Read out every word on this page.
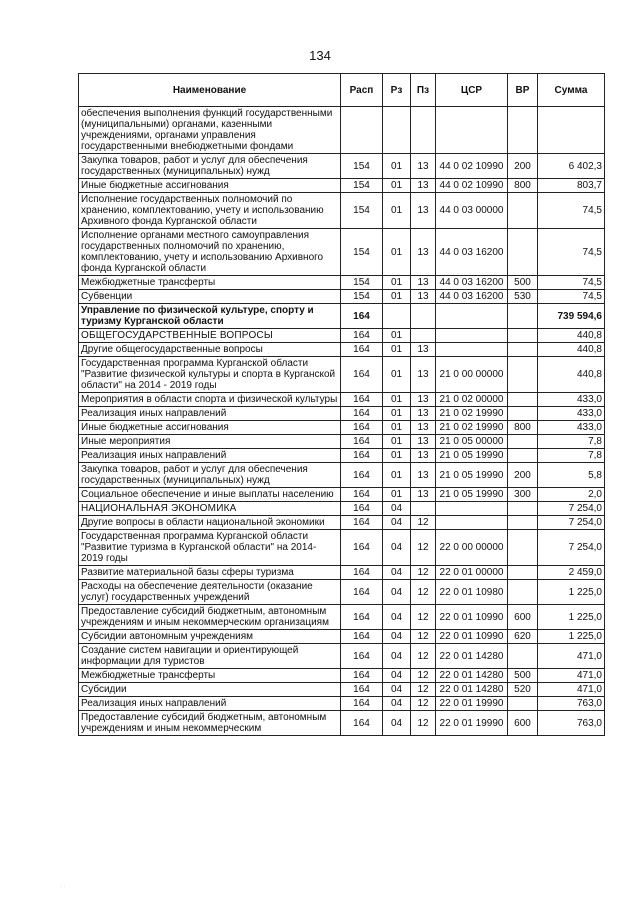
134
Наименование	Расп	Рз	Пз	ЦСР	ВР	Сумма
обеспечения выполнения функций государственными (муниципальными) органами, казенными учреждениями, органами управления государственными внебюджетными фондами						
Закупка товаров, работ и услуг для обеспечения государственных (муниципальных) нужд	154	01	13	44 0 02 10990	200	6 402,3
Иные бюджетные ассигнования	154	01	13	44 0 02 10990	800	803,7
Исполнение государственных полномочий по хранению, комплектованию, учету и использованию Архивного фонда Курганской области	154	01	13	44 0 03 00000		74,5
Исполнение органами местного самоуправления государственных полномочий по хранению, комплектованию, учету и использованию Архивного фонда Курганской области	154	01	13	44 0 03 16200		74,5
Межбюджетные трансферты	154	01	13	44 0 03 16200	500	74,5
Субвенции	154	01	13	44 0 03 16200	530	74,5
Управление по физической культуре, спорту и туризму Курганской области	164					739 594,6
ОБЩЕГОСУДАРСТВЕННЫЕ ВОПРОСЫ	164	01				440,8
Другие общегосударственные вопросы	164	01	13			440,8
Государственная программа Курганской области "Развитие физической культуры и спорта в Курганской области" на 2014 - 2019 годы	164	01	13	21 0 00 00000		440,8
Мероприятия в области спорта и физической культуры	164	01	13	21 0 02 00000		433,0
Реализация иных направлений	164	01	13	21 0 02 19990		433,0
Иные бюджетные ассигнования	164	01	13	21 0 02 19990	800	433,0
Иные мероприятия	164	01	13	21 0 05 00000		7,8
Реализация иных направлений	164	01	13	21 0 05 19990		7,8
Закупка товаров, работ и услуг для обеспечения государственных (муниципальных) нужд	164	01	13	21 0 05 19990	200	5,8
Социальное обеспечение и иные выплаты населению	164	01	13	21 0 05 19990	300	2,0
НАЦИОНАЛЬНАЯ ЭКОНОМИКА	164	04				7 254,0
Другие вопросы в области национальной экономики	164	04	12			7 254,0
Государственная программа Курганской области "Развитие туризма в Курганской области" на 2014-2019 годы	164	04	12	22 0 00 00000		7 254,0
Развитие материальной базы сферы туризма	164	04	12	22 0 01 00000		2 459,0
Расходы на обеспечение деятельности (оказание услуг) государственных учреждений	164	04	12	22 0 01 10980		1 225,0
Предоставление субсидий бюджетным, автономным учреждениям и иным некоммерческим организациям	164	04	12	22 0 01 10990	600	1 225,0
Субсидии автономным учреждениям	164	04	12	22 0 01 10990	620	1 225,0
Создание систем навигации и ориентирующей информации для туристов	164	04	12	22 0 01 14280		471,0
Межбюджетные трансферты	164	04	12	22 0 01 14280	500	471,0
Субсидии	164	04	12	22 0 01 14280	520	471,0
Реализация иных направлений	164	04	12	22 0 01 19990		763,0
Предоставление субсидий бюджетным, автономным учреждениям и иным некоммерческим	164	04	12	22 0 01 19990	600	763,0
· ·
